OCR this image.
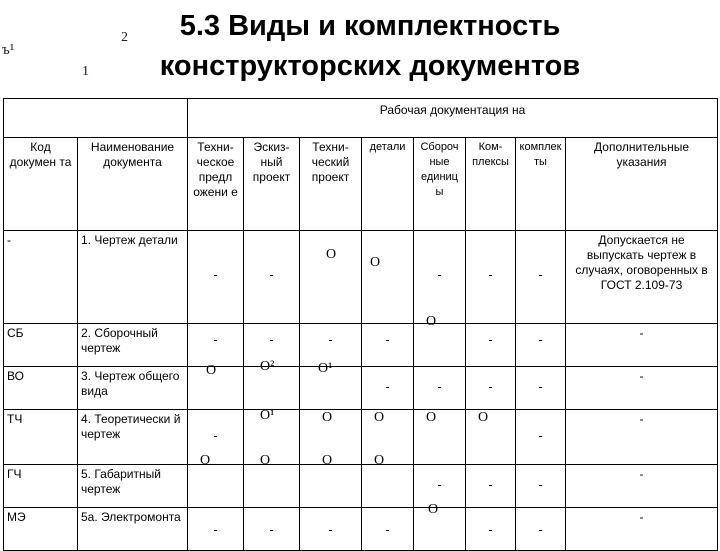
5.3 Виды и комплектность
конструкторских документов
ъ¹
2
1
		Рабочая документация на							
Код докумен та	Наименование документа	Техни- ческое предл ожени е	Эскиз- ный проект	Техни- ческий проект	детали	Сбороч ные единиц ы	Ком- плексы	комплек ты	Дополнительные указания
-	1. Чертеж детали	-	-	О	О	-	-	-	Допускается не выпускать чертеж в случаях, оговоренных в ГОСТ 2.109‑73
СБ	2. Сборочный чертеж	-	-	-	-	О	-	-	-
ВО	3. Чертеж общего вида	О	О²	О¹	-	-	-	-	-
ТЧ	4. Теоретически й чертеж	-	О¹	О	О	О	О	-	-
ГЧ	5. Габаритный чертеж	О	О	О	О	-	-	-	-
МЭ	5а. Электромонта	-	-	-	-	О	-	-	-
